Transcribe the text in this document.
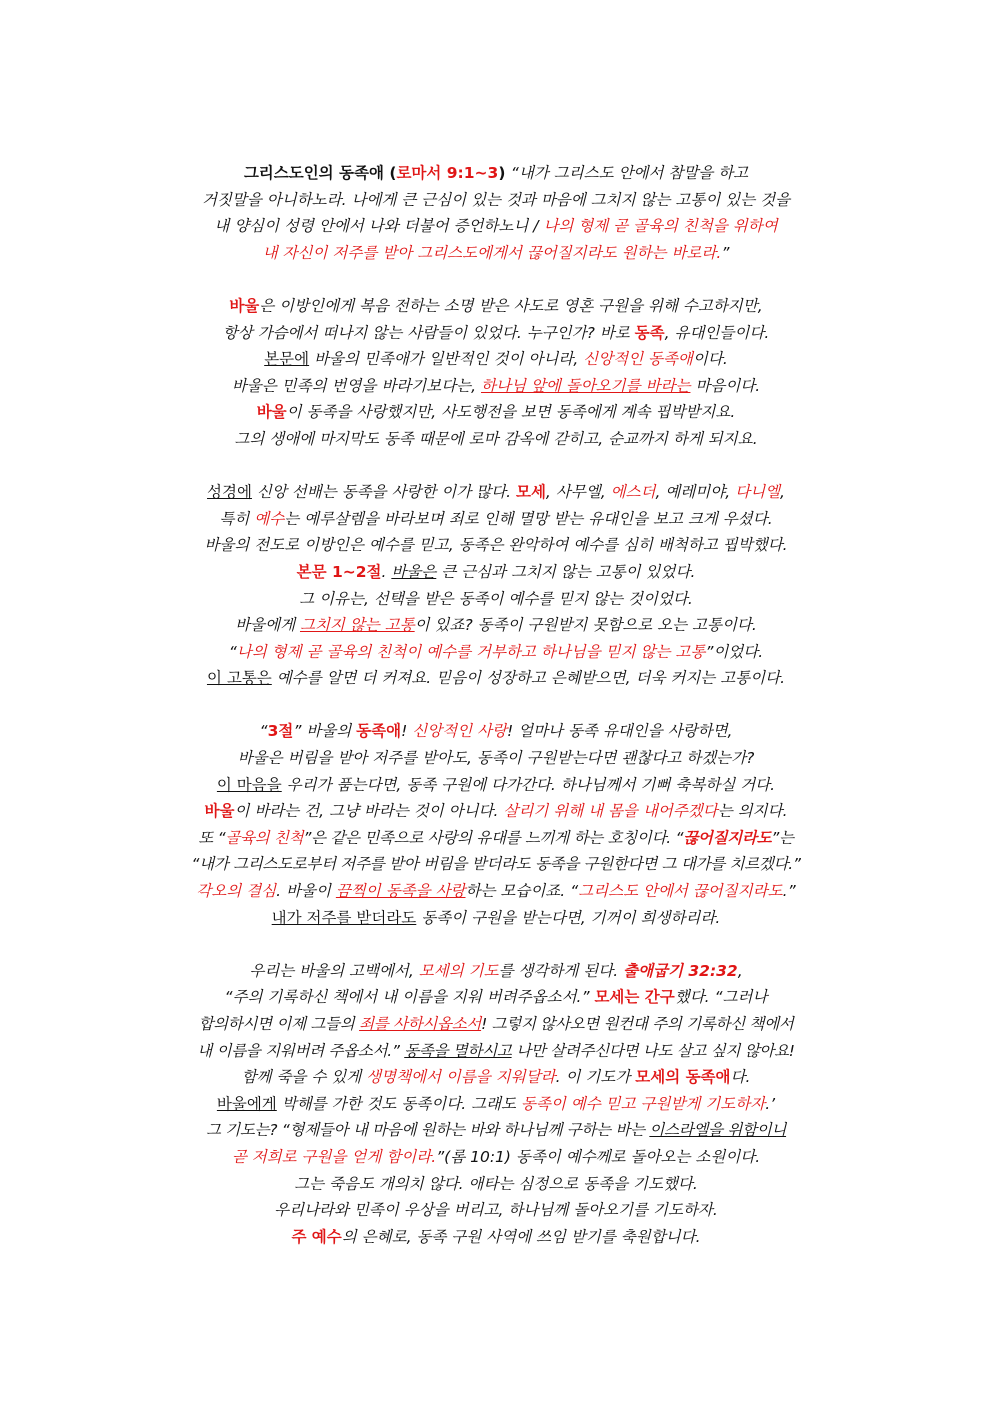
그리스도인의 동족애 (로마서 9:1~3) “내가 그리스도 안에서 참말을 하고
거짓말을 아니하노라. 나에게 큰 근심이 있는 것과 마음에 그치지 않는 고통이 있는 것을
내 양심이 성령 안에서 나와 더불어 증언하노니 / 나의 형제 곧 골육의 친척을 위하여
내 자신이 저주를 받아 그리스도에게서 끊어질지라도 원하는 바로라.”
바울은 이방인에게 복음 전하는 소명 받은 사도로 영혼 구원을 위해 수고하지만,
항상 가슴에서 떠나지 않는 사람들이 있었다. 누구인가? 바로 동족, 유대인들이다.
본문에 바울의 민족애가 일반적인 것이 아니라, 신앙적인 동족애이다.
바울은 민족의 번영을 바라기보다는, 하나님 앞에 돌아오기를 바라는 마음이다.
바울이 동족을 사랑했지만, 사도행전을 보면 동족에게 계속 핍박받지요.
그의 생애에 마지막도 동족 때문에 로마 감옥에 갇히고, 순교까지 하게 되지요.
성경에 신앙 선배는 동족을 사랑한 이가 많다. 모세, 사무엘, 에스더, 예레미야, 다니엘,
특히 예수는 예루살렘을 바라보며 죄로 인해 멸망 받는 유대인을 보고 크게 우셨다.
바울의 전도로 이방인은 예수를 믿고, 동족은 완악하여 예수를 심히 배척하고 핍박했다.
본문 1~2절. 바울은 큰 근심과 그치지 않는 고통이 있었다.
그 이유는, 선택을 받은 동족이 예수를 믿지 않는 것이었다.
바울에게 그치지 않는 고통이 있죠? 동족이 구원받지 못함으로 오는 고통이다.
“나의 형제 곧 골육의 친척이 예수를 거부하고 하나님을 믿지 않는 고통”이었다.
이 고통은 예수를 알면 더 커져요. 믿음이 성장하고 은혜받으면, 더욱 커지는 고통이다.
“3절” 바울의 동족애! 신앙적인 사랑! 얼마나 동족 유대인을 사랑하면,
바울은 버림을 받아 저주를 받아도, 동족이 구원받는다면 괜찮다고 하겠는가?
이 마음을 우리가 품는다면, 동족 구원에 다가간다. 하나님께서 기뻐 축복하실 거다.
바울이 바라는 건, 그냥 바라는 것이 아니다. 살리기 위해 내 몸을 내어주겠다는 의지다.
또 “골육의 친척”은 같은 민족으로 사랑의 유대를 느끼게 하는 호칭이다. “끊어질지라도”는
“내가 그리스도로부터 저주를 받아 버림을 받더라도 동족을 구원한다면 그 대가를 치르겠다.”
각오의 결심. 바울이 끔찍이 동족을 사랑하는 모습이죠. “그리스도 안에서 끊어질지라도.”
내가 저주를 받더라도 동족이 구원을 받는다면, 기꺼이 희생하리라.
우리는 바울의 고백에서, 모세의 기도를 생각하게 된다. 출애굽기 32:32,
“주의 기록하신 책에서 내 이름을 지워 버려주옵소서.” 모세는 간구했다. “그러나
합의하시면 이제 그들의 죄를 사하시옵소서! 그렇지 않사오면 원컨대 주의 기록하신 책에서
내 이름을 지워버려 주옵소서.” 동족을 멸하시고 나만 살려주신다면 나도 살고 싶지 않아요!
함께 죽을 수 있게 생명책에서 이름을 지워달라. 이 기도가 모세의 동족애다.
바울에게 박해를 가한 것도 동족이다. 그래도 동족이 예수 믿고 구원받게 기도하자.’
그 기도는? “형제들아 내 마음에 원하는 바와 하나님께 구하는 바는 이스라엘을 위함이니
곧 저희로 구원을 얻게 함이라.”(롬 10:1) 동족이 예수께로 돌아오는 소원이다.
그는 죽음도 개의치 않다. 애타는 심정으로 동족을 기도했다.
우리나라와 민족이 우상을 버리고, 하나님께 돌아오기를 기도하자.
주 예수의 은혜로, 동족 구원 사역에 쓰임 받기를 축원합니다.
